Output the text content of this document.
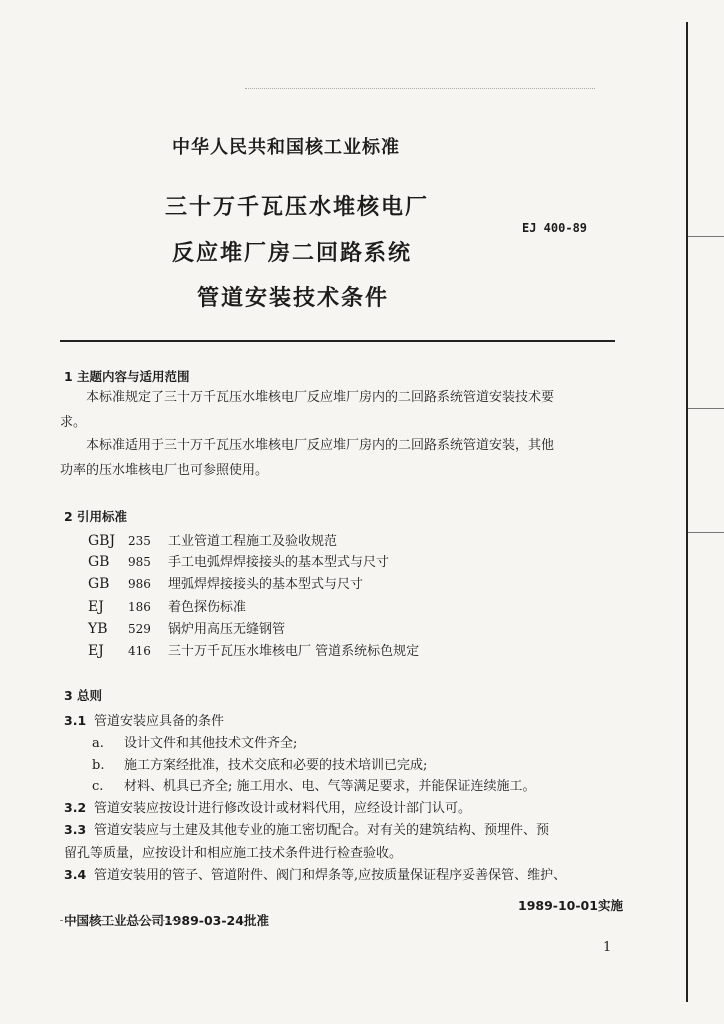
中华人民共和国核工业标准
三十万千瓦压水堆核电厂
反应堆厂房二回路系统
管道安装技术条件
EJ 400-89
1 主题内容与适用范围
本标准规定了三十万千瓦压水堆核电厂反应堆厂房内的二回路系统管道安装技术要
求。
本标准适用于三十万千瓦压水堆核电厂反应堆厂房内的二回路系统管道安装，其他
功率的压水堆核电厂也可参照使用。
2 引用标准
GBJ 235 工业管道工程施工及验收规范
GB 985 手工电弧焊焊接接头的基本型式与尺寸
GB 986 埋弧焊焊接接头的基本型式与尺寸
EJ 186 着色探伤标准
YB 529 锅炉用高压无缝钢管
EJ 416 三十万千瓦压水堆核电厂 管道系统标色规定
3 总则
3.1 管道安装应具备的条件
a. 设计文件和其他技术文件齐全;
b. 施工方案经批准，技术交底和必要的技术培训已完成;
c. 材料、机具已齐全; 施工用水、电、气等满足要求，并能保证连续施工。
3.2 管道安装应按设计进行修改设计或材料代用，应经设计部门认可。
3.3 管道安装应与土建及其他专业的施工密切配合。对有关的建筑结构、预埋件、预
留孔等质量，应按设计和相应施工技术条件进行检查验收。
3.4 管道安装用的管子、管道附件、阀门和焊条等,应按质量保证程序妥善保管、维护、
中国核工业总公司1989-03-24批准
1989-10-01实施
1
